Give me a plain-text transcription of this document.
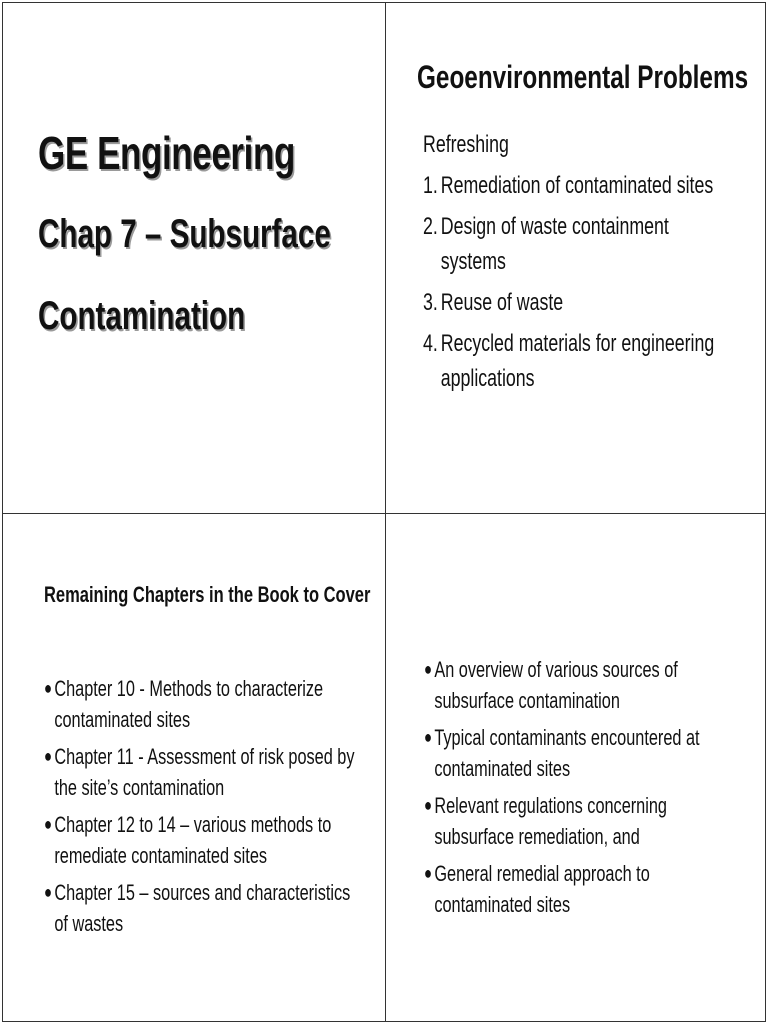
GE Engineering
Chap 7 – Subsurface
Contamination
Geoenvironmental Problems
Refreshing
1. Remediation of contaminated sites
2. Design of waste containment
systems
3. Reuse of waste
4. Recycled materials for engineering
applications
Remaining Chapters in the Book to Cover
● Chapter 10 - Methods to characterize
contaminated sites
● Chapter 11 - Assessment of risk posed by
the site’s contamination
● Chapter 12 to 14 – various methods to
remediate contaminated sites
● Chapter 15 – sources and characteristics
of wastes
● An overview of various sources of
subsurface contamination
● Typical contaminants encountered at
contaminated sites
● Relevant regulations concerning
subsurface remediation, and
● General remedial approach to
contaminated sites
